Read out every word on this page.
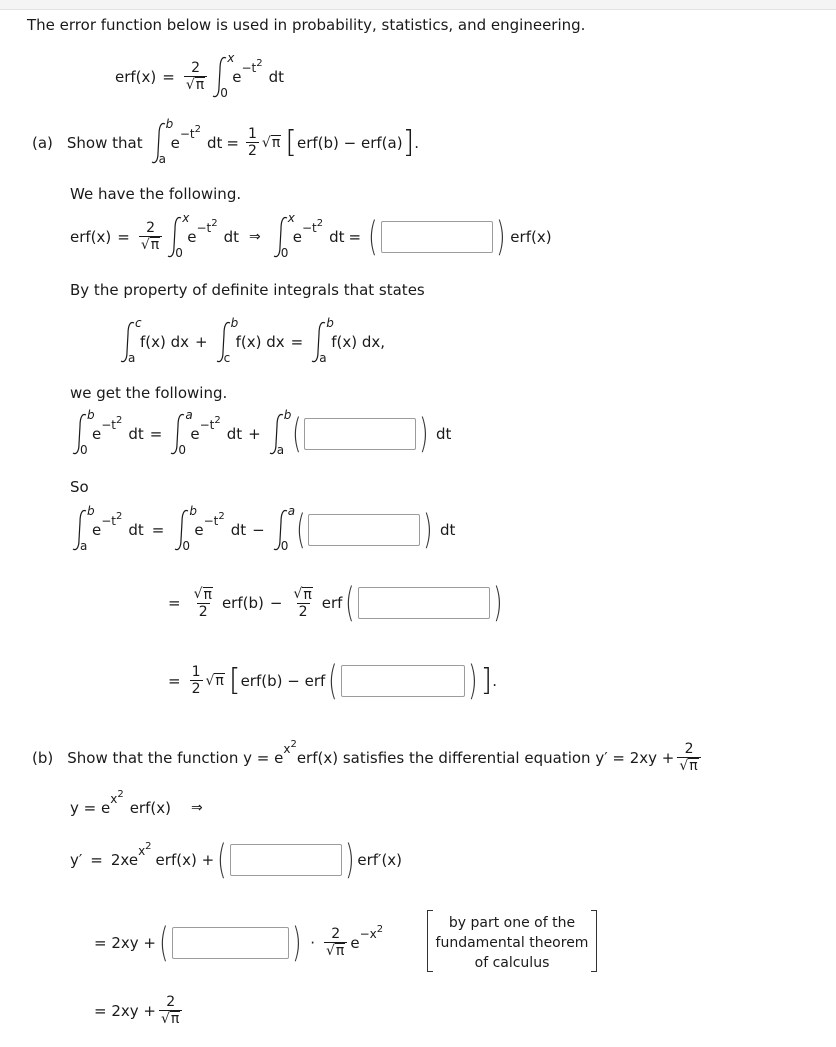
The error function below is used in probability, statistics, and engineering.
$erf(x) = \frac{2}{√ \pi}$
x
0
$e -t^2$
dt
(a) Show that
b
a
$e -t^2$
dt = $\frac{1}{2}$ √ π [ erf(b) − erf(a) ] .
We have the following.
$erf(x) = \frac{2}{√ \pi}$
x
0
$e -t^2$
dt ⇒
x
0
$e -t^2$
dt = (	) erf(x)
By the property of definite integrals that states
c
a
f(x) dx +
b
c
f(x) dx =
b
a
f(x) dx,
we get the following.
b
0
$e -t^2$
dt =
a
0
$e -t^2$
dt +
b
a (	) dt
So
b
a
$e -t^2$
dt =
b
0
$e -t^2$
dt −
a
0 (	) dt
= $\frac{√ \pi}{2} erf(b) - \frac{√ \pi}{2}$ erf (	)
= $\frac{1}{2}$ √ π [ erf(b) − erf (	) ] .
(b) Show that the function y = e $x^2$
erf(x) satisfies the differential equation $y' = 2xy + \frac{2}{√ \pi}$
y = e $x^2$
erf(x) ⇒
y′ = 2xe $x^2$
erf(x) + (	) erf′(x)
= 2xy + (	) · $\frac{2}{√ \pi}$ $e -x^2$	by part one of the fundamental theorem of calculus
= $2xy + \frac{2}{√ \pi}$
